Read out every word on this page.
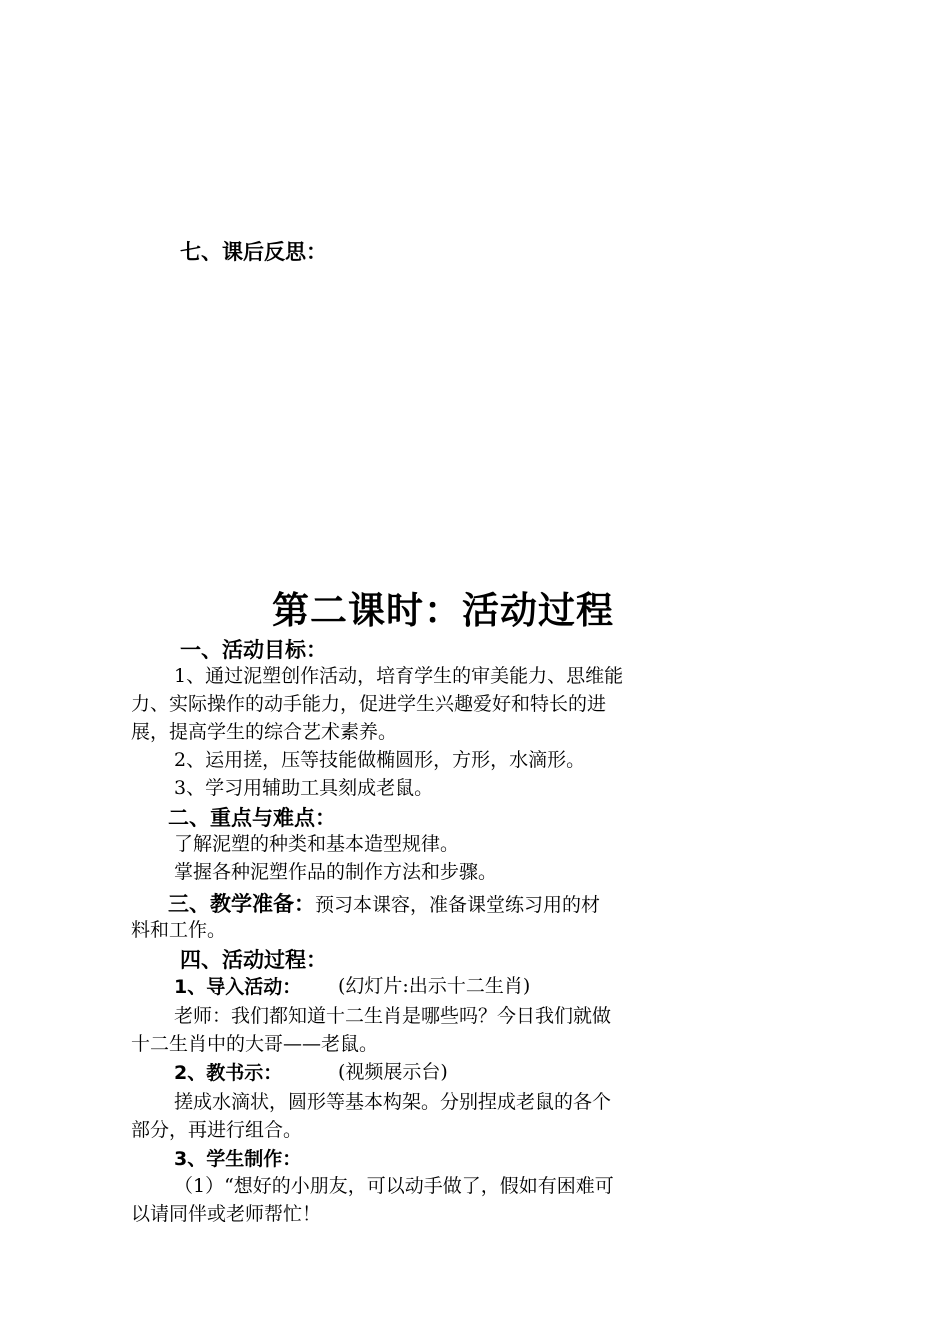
七、课后反思：
第二课时：活动过程
一、活动目标：
1、通过泥塑创作活动，培育学生的审美能力、思维能
力、实际操作的动手能力，促进学生兴趣爱好和特长的进
展，提高学生的综合艺术素养。
2、运用搓，压等技能做椭圆形，方形，水滴形。
3、学习用辅助工具刻成老鼠。
二、重点与难点：
了解泥塑的种类和基本造型规律。
掌握各种泥塑作品的制作方法和步骤。
三、教学准备：预习本课容，准备课堂练习用的材
料和工作。
四、活动过程：
1、导入活动： (幻灯片:出示十二生肖)
老师：我们都知道十二生肖是哪些吗？今日我们就做
十二生肖中的大哥——老鼠。
2、教书示：	(视频展示台)
搓成水滴状，圆形等基本构架。分别捏成老鼠的各个
部分，再进行组合。
3、学生制作：
（1）“想好的小朋友，可以动手做了，假如有困难可
以请同伴或老师帮忙！
